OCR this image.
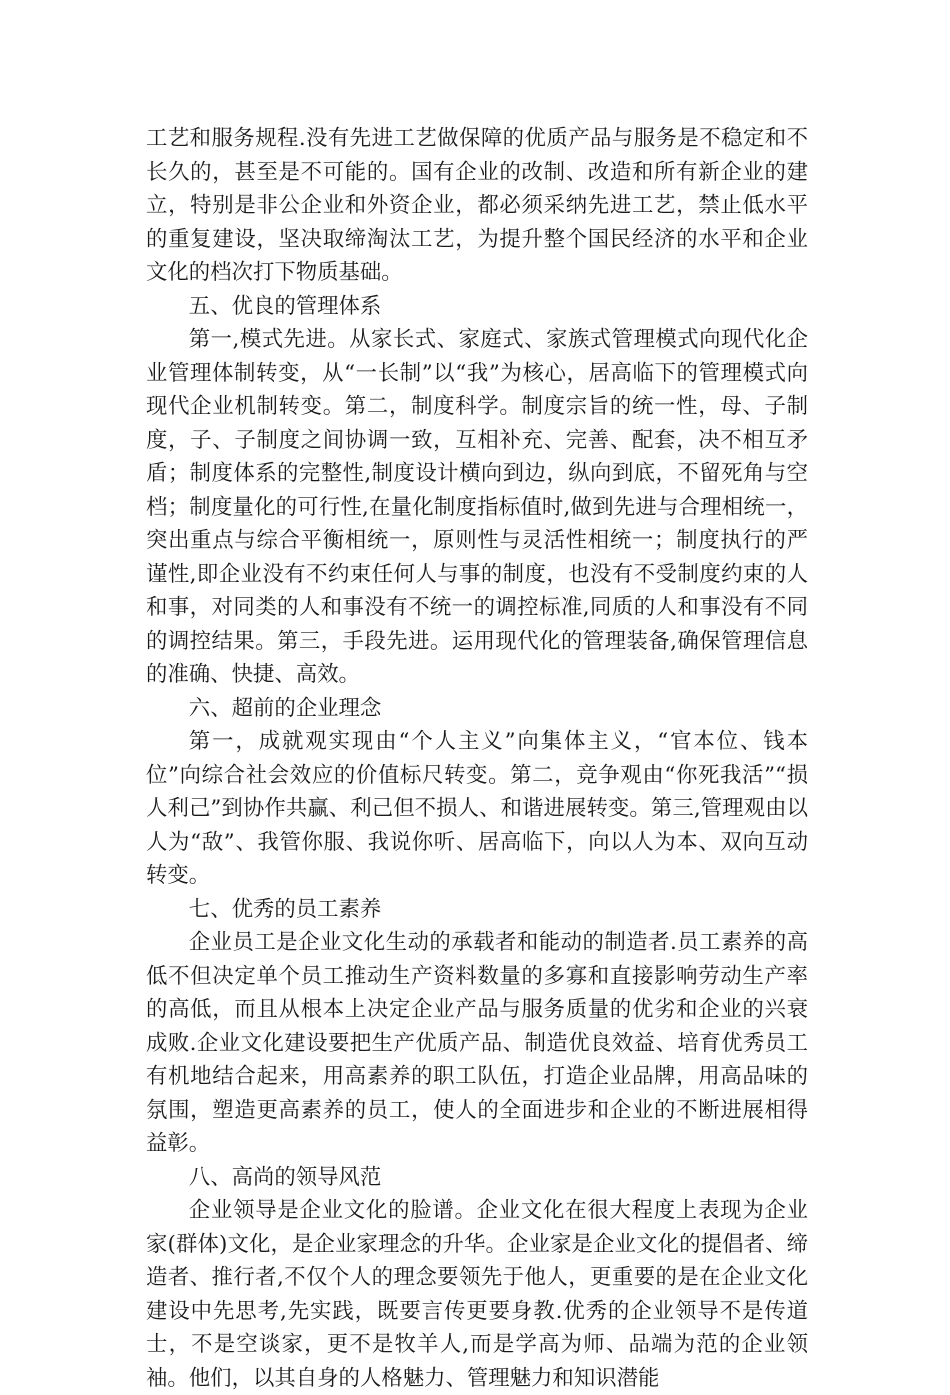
工艺和服务规程.没有先进工艺做保障的优质产品与服务是不稳定和不长久的，甚至是不可能的。国有企业的改制、改造和所有新企业的建立，特别是非公企业和外资企业，都必须采纳先进工艺，禁止低水平的重复建设，坚决取缔淘汰工艺，为提升整个国民经济的水平和企业文化的档次打下物质基础。

五、优良的管理体系

第一,模式先进。从家长式、家庭式、家族式管理模式向现代化企业管理体制转变，从“一长制”以“我”为核心，居高临下的管理模式向现代企业机制转变。第二，制度科学。制度宗旨的统一性，母、子制度，子、子制度之间协调一致，互相补充、完善、配套，决不相互矛盾；制度体系的完整性,制度设计横向到边，纵向到底，不留死角与空档；制度量化的可行性,在量化制度指标值时,做到先进与合理相统一，突出重点与综合平衡相统一，原则性与灵活性相统一；制度执行的严谨性,即企业没有不约束任何人与事的制度，也没有不受制度约束的人和事，对同类的人和事没有不统一的调控标准,同质的人和事没有不同的调控结果。第三，手段先进。运用现代化的管理装备,确保管理信息的准确、快捷、高效。

六、超前的企业理念

第一，成就观实现由“个人主义”向集体主义，“官本位、钱本位”向综合社会效应的价值标尺转变。第二，竞争观由“你死我活”“损人利己”到协作共赢、利己但不损人、和谐进展转变。第三,管理观由以人为“敌”、我管你服、我说你听、居高临下，向以人为本、双向互动转变。

七、优秀的员工素养

企业员工是企业文化生动的承载者和能动的制造者.员工素养的高低不但决定单个员工推动生产资料数量的多寡和直接影响劳动生产率的高低，而且从根本上决定企业产品与服务质量的优劣和企业的兴衰成败.企业文化建设要把生产优质产品、制造优良效益、培育优秀员工有机地结合起来，用高素养的职工队伍，打造企业品牌，用高品味的氛围，塑造更高素养的员工，使人的全面进步和企业的不断进展相得益彰。

八、高尚的领导风范

企业领导是企业文化的脸谱。企业文化在很大程度上表现为企业家(群体)文化，是企业家理念的升华。企业家是企业文化的提倡者、缔造者、推行者,不仅个人的理念要领先于他人，更重要的是在企业文化建设中先思考,先实践，既要言传更要身教.优秀的企业领导不是传道士，不是空谈家，更不是牧羊人,而是学高为师、品端为范的企业领袖。他们，以其自身的人格魅力、管理魅力和知识潜能
